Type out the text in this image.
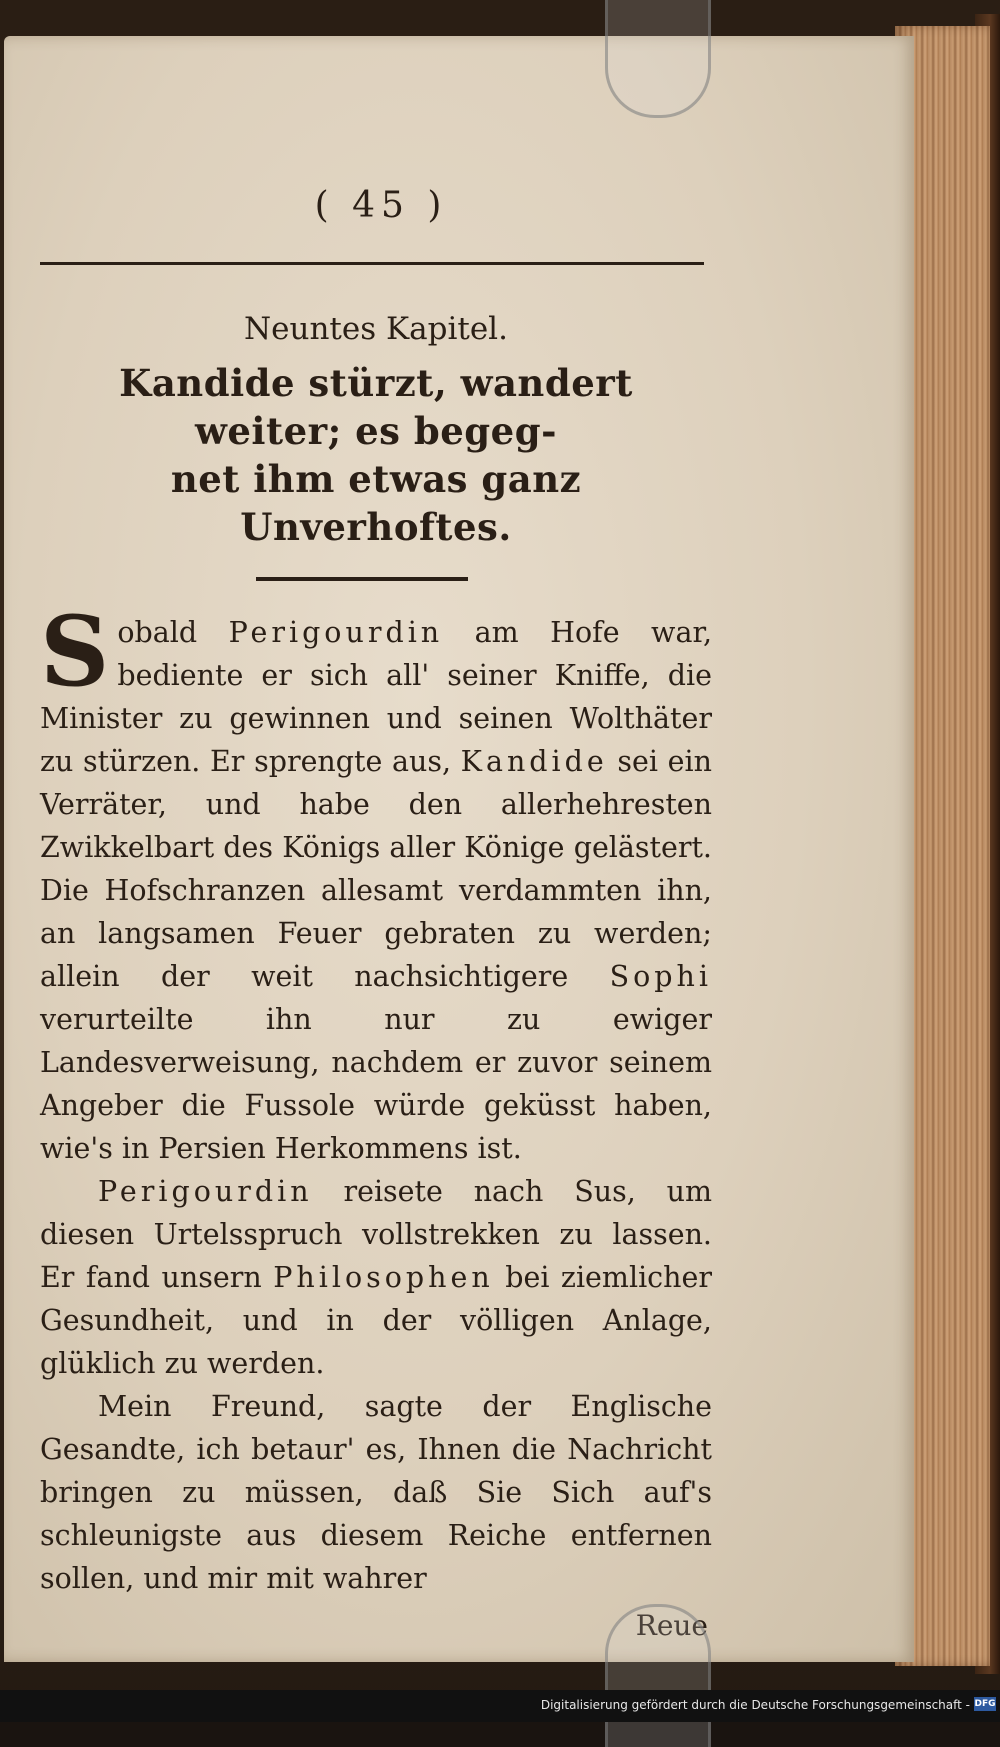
( 45 )
Neuntes Kapitel.
Kandide stürzt, wandert weiter; es begeg-
net ihm etwas ganz Unverhoftes.

Sobald Perigourdin am Hofe war, bediente er sich all' seiner Kniffe, die Minister zu gewinnen und seinen Wolthäter zu stürzen. Er sprengte aus, Kandide sei ein Verräter, und habe den allerhehresten Zwikkelbart des Königs aller Könige gelästert. Die Hofschranzen allesamt verdammten ihn, an langsamen Feuer gebraten zu werden; allein der weit nachsichtigere Sophi verurteilte ihn nur zu ewiger Landesverweisung, nachdem er zuvor seinem Angeber die Fussole würde geküsst haben, wie's in Persien Herkommens ist.

Perigourdin reisete nach Sus, um diesen Urtelsspruch vollstrekken zu lassen. Er fand unsern Philosophen bei ziemlicher Gesundheit, und in der völligen Anlage, glüklich zu werden.

Mein Freund, sagte der Englische Gesandte, ich betaur' es, Ihnen die Nachricht bringen zu müssen, daß Sie Sich auf's schleunigste aus diesem Reiche entfernen sollen, und mir mit wahrer

Reue
Digitalisierung gefördert durch die Deutsche Forschungsgemeinschaft - DFG
